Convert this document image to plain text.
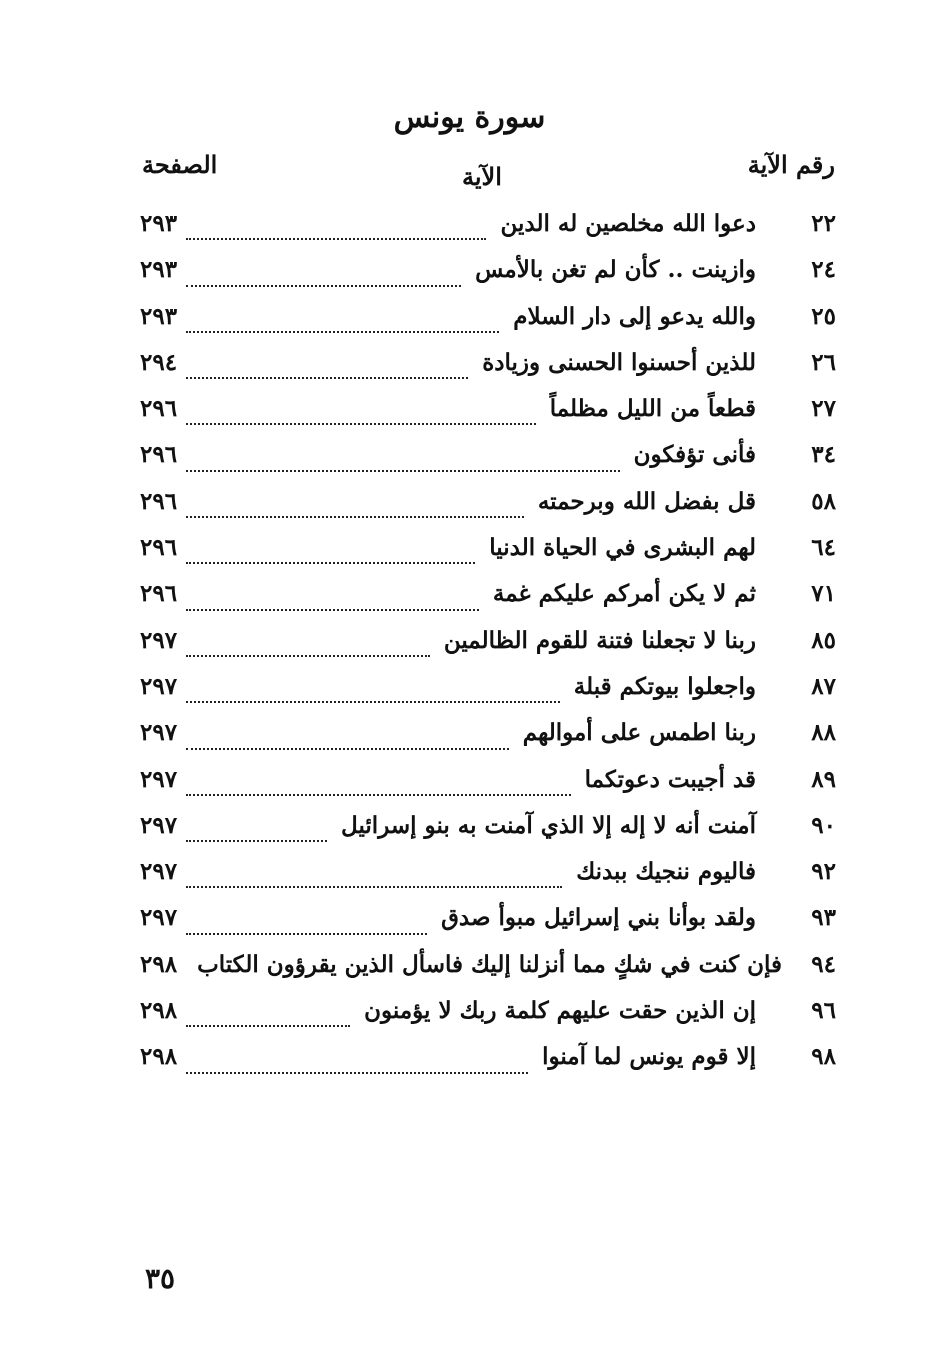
سورة يونس
رقم الآية
الآية
الصفحة
٢٢
دعوا الله مخلصين له الدين
٢٩٣
٢٤
وازينت .. كأن لم تغن بالأمس
٢٩٣
٢٥
والله يدعو إلى دار السلام
٢٩٣
٢٦
للذين أحسنوا الحسنى وزيادة
٢٩٤
٢٧
قطعاً من الليل مظلماً
٢٩٦
٣٤
فأنى تؤفكون
٢٩٦
٥٨
قل بفضل الله وبرحمته
٢٩٦
٦٤
لهم البشرى في الحياة الدنيا
٢٩٦
٧١
ثم لا يكن أمركم عليكم غمة
٢٩٦
٨٥
ربنا لا تجعلنا فتنة للقوم الظالمين
٢٩٧
٨٧
واجعلوا بيوتكم قبلة
٢٩٧
٨٨
ربنا اطمس على أموالهم
٢٩٧
٨٩
قد أجيبت دعوتكما
٢٩٧
٩٠
آمنت أنه لا إله إلا الذي آمنت به بنو إسرائيل
٢٩٧
٩٢
فاليوم ننجيك ببدنك
٢٩٧
٩٣
ولقد بوأنا بني إسرائيل مبوأ صدق
٢٩٧
٩٤
فإن كنت في شكٍ مما أنزلنا إليك فاسأل الذين يقرؤون الكتاب
٢٩٨
٩٦
إن الذين حقت عليهم كلمة ربك لا يؤمنون
٢٩٨
٩٨
إلا قوم يونس لما آمنوا
٢٩٨
٣٥
